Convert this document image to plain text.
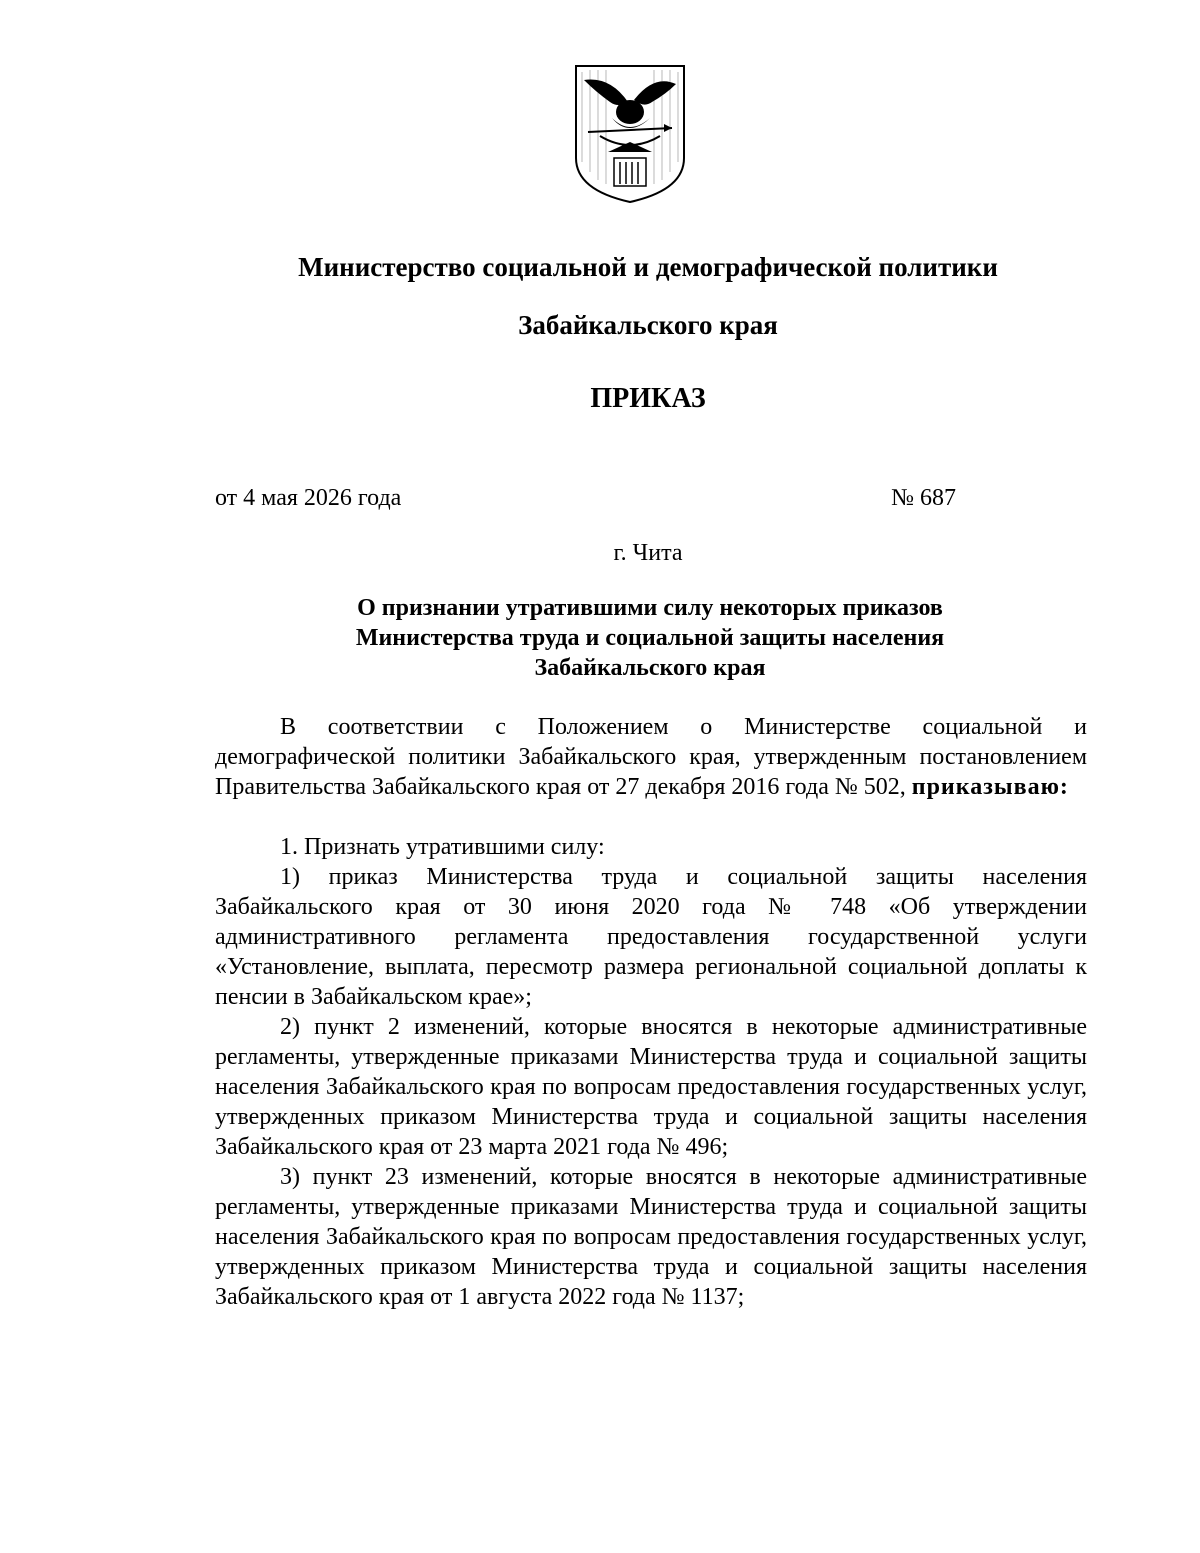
Министерство социальной и демографической политики
Забайкальского края
ПРИКАЗ
от 4 мая 2026 года	№ 687
г. Чита
О признании утратившими силу некоторых приказов
Министерства труда и социальной защиты населения
Забайкальского края

В соответствии с Положением о Министерстве социальной и демографической политики Забайкальского края, утвержденным постановлением Правительства Забайкальского края от 27 декабря 2016 года № 502, приказываю:

1. Признать утратившими силу:

1) приказ Министерства труда и социальной защиты населения Забайкальского края от 30 июня 2020 года № 748 «Об утверждении административного регламента предоставления государственной услуги «Установление, выплата, пересмотр размера региональной социальной доплаты к пенсии в Забайкальском крае»;

2) пункт 2 изменений, которые вносятся в некоторые административные регламенты, утвержденные приказами Министерства труда и социальной защиты населения Забайкальского края по вопросам предоставления государственных услуг, утвержденных приказом Министерства труда и социальной защиты населения Забайкальского края от 23 марта 2021 года № 496;

3) пункт 23 изменений, которые вносятся в некоторые административные регламенты, утвержденные приказами Министерства труда и социальной защиты населения Забайкальского края по вопросам предоставления государственных услуг, утвержденных приказом Министерства труда и социальной защиты населения Забайкальского края от 1 августа 2022 года № 1137;
